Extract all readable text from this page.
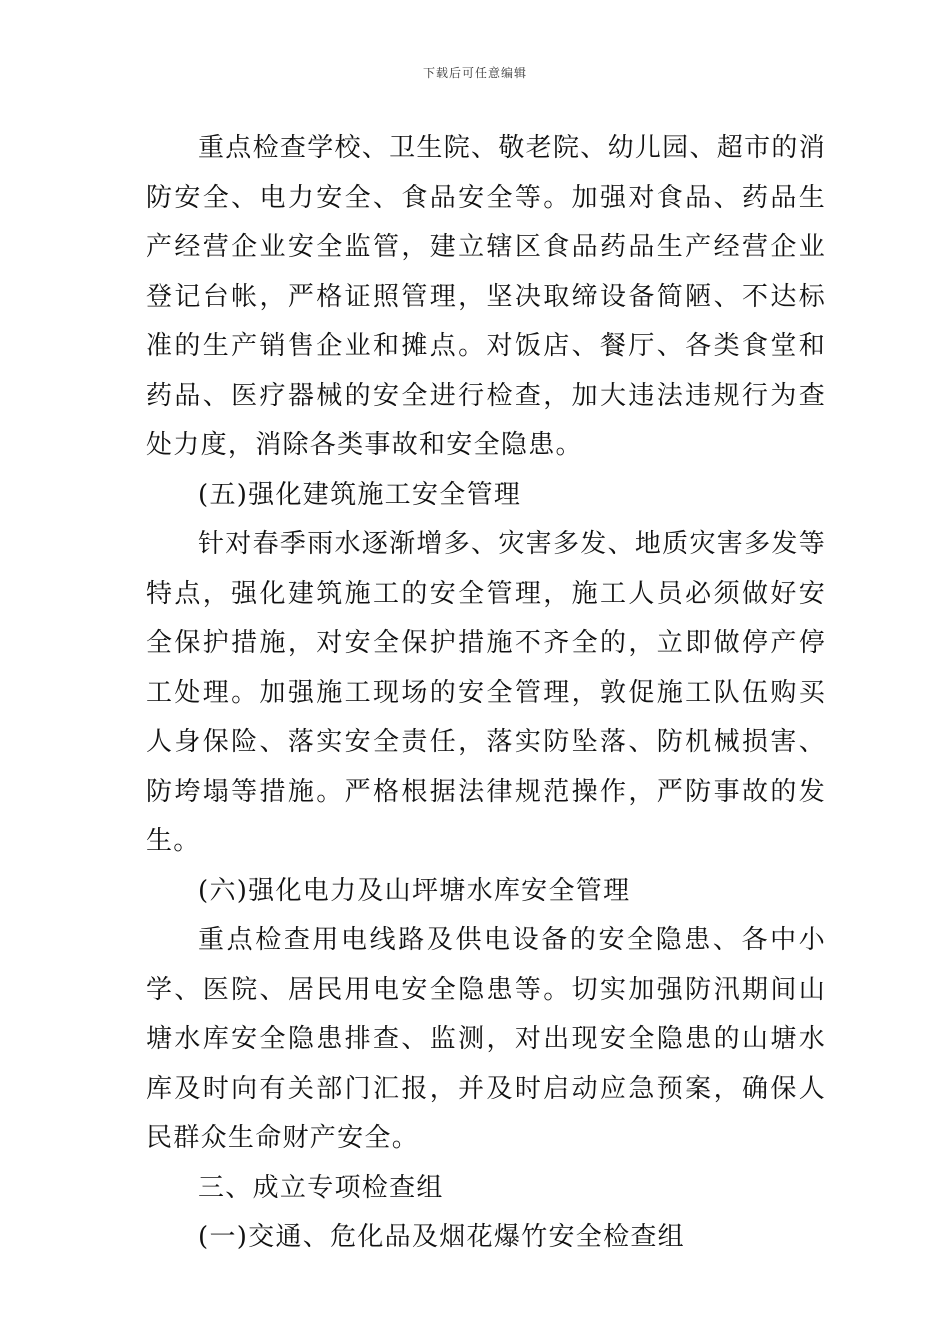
下载后可任意编辑

重点检查学校、卫生院、敬老院、幼儿园、超市的消防安全、电力安全、食品安全等。加强对食品、药品生产经营企业安全监管，建立辖区食品药品生产经营企业登记台帐，严格证照管理，坚决取缔设备简陋、不达标准的生产销售企业和摊点。对饭店、餐厅、各类食堂和药品、医疗器械的安全进行检查，加大违法违规行为查处力度，消除各类事故和安全隐患。

(五)强化建筑施工安全管理

针对春季雨水逐渐增多、灾害多发、地质灾害多发等特点，强化建筑施工的安全管理，施工人员必须做好安全保护措施，对安全保护措施不齐全的，立即做停产停工处理。加强施工现场的安全管理，敦促施工队伍购买人身保险、落实安全责任，落实防坠落、防机械损害、防垮塌等措施。严格根据法律规范操作，严防事故的发生。

(六)强化电力及山坪塘水库安全管理

重点检查用电线路及供电设备的安全隐患、各中小学、医院、居民用电安全隐患等。切实加强防汛期间山塘水库安全隐患排查、监测，对出现安全隐患的山塘水库及时向有关部门汇报，并及时启动应急预案，确保人民群众生命财产安全。

三、成立专项检查组

(一)交通、危化品及烟花爆竹安全检查组
